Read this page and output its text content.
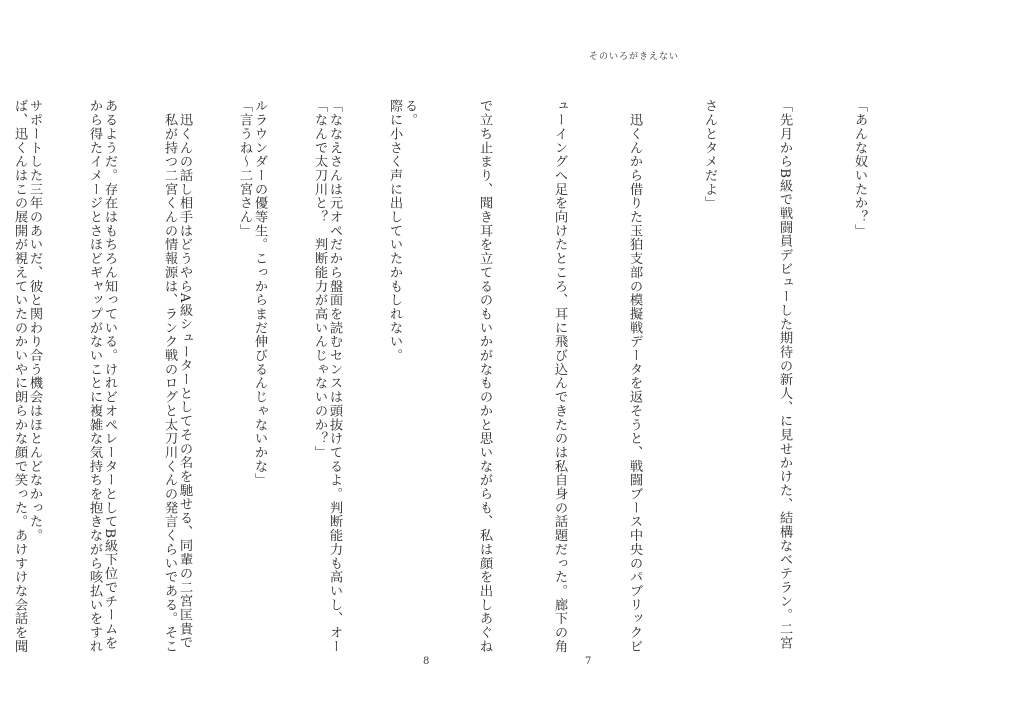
そのいろがきえない

「あんな奴いたか？」

「先月からB級で戦闘員デビューした期待の新人、に見せかけた、結構なベテラン。二宮

さんとタメだよ」

　迅くんから借りた玉狛支部の模擬戦データを返そうと、戦闘ブース中央のパブリックビ

ューイングへ足を向けたところ、耳に飛び込んできたのは私自身の話題だった。廊下の角

で立ち止まり、聞き耳を立てるのもいかがなものかと思いながらも、私は顔を出しあぐね

る。

「ななえさんは元オペだから盤面を読むセンスは頭抜けてるよ。判断能力も高いし、オー

ルラウンダーの優等生。こっからまだ伸びるんじゃないかな」

　迅くんの話し相手はどうやらA級シューターとしてその名を馳せる、同輩の二宮匡貴で

あるようだ。存在はもちろん知っている。けれどオペレーターとしてB級下位でチームを

サポートした三年のあいだ、彼と関わり合う機会はほとんどなかった。

	際に小さく声に出していたかもしれない。

「なんで太刀川と？　判断能力が高いんじゃないのか？」

「言うね〜二宮さん」

　私が持つ二宮くんの情報源は、ランク戦のログと太刀川くんの発言くらいである。そこ

から得たイメージとさほどギャップがないことに複雑な気持ちを抱きながら咳払いをすれ

ば、迅くんはこの展開が視えていたのかいやに朗らかな顔で笑った。あけすけな会話を聞

8	7
